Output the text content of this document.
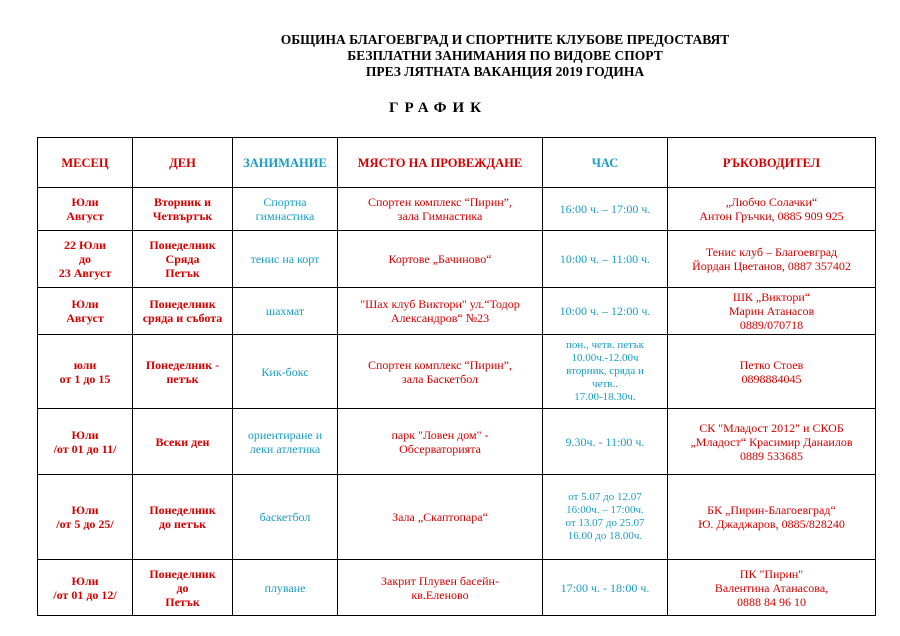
ОБЩИНА БЛАГОЕВГРАД И СПОРТНИТЕ КЛУБОВЕ ПРЕДОСТАВЯТ
БЕЗПЛАТНИ ЗАНИМАНИЯ ПО ВИДОВЕ СПОРТ
ПРЕЗ ЛЯТНАТА ВАКАНЦИЯ 2019 ГОДИНА
ГРАФИК
МЕСЕЦ	ДЕН	ЗАНИМАНИЕ	МЯСТО НА ПРОВЕЖДАНЕ	ЧАС	РЪКОВОДИТЕЛ

Юли
Август	Вторник и
Четвъртък	Спортна
гимнастика	Спортен комплекс “Пирин”,
зала Гимнастика	16:00 ч. – 17:00 ч.	„Любчо Солачки“
Антон Гръчки, 0885 909 925

22 Юли
до
23 Август	Понеделник
Сряда
Петък	тенис на корт	Кортове „Бачиново“	10:00 ч. – 11:00 ч.	Тенис клуб – Благоевград
Йордан Цветанов, 0887 357402

Юли
Август	Понеделник
сряда и събота	шахмат	"Шах клуб Виктори" ул.“Тодор
Александров“ №23	10:00 ч. – 12:00 ч.	ШК „Виктори“
Марин Атанасов
0889/070718

юли
от 1 до 15	Понеделник -
петък	Кик-бокс	Спортен комплекс “Пирин”,
зала Баскетбол	пон., четв. петък
10.00ч.-12.00ч
вторник, сряда и
четв..
17.00-18.30ч.	Петко Стоев
0898884045

Юли
/от 01 до 11/	Всеки ден	ориентиране и
леки атлетика	парк "Ловен дом" -
Обсерваторията	9.30ч. - 11:00 ч.	СК "Младост 2012" и СКОБ
„Младост“ Красимир Данаилов
0889 533685

Юли
/от 5 до 25/	Понеделник
до петък	баскетбол	Зала „Скаптопара“	от 5.07 до 12.07
16:00ч. – 17:00ч.
от 13.07 до 25.07
16.00 до 18.00ч.	БК „Пирин-Благоевград“
Ю. Джаджаров, 0885/828240

Юли
/от 01 до 12/	Понеделник
до
Петък	плуване	Закрит Плувен басейн-
кв.Еленово	17:00 ч. - 18:00 ч.	ПК "Пирин"
Валентина Атанасова,
0888 84 96 10
